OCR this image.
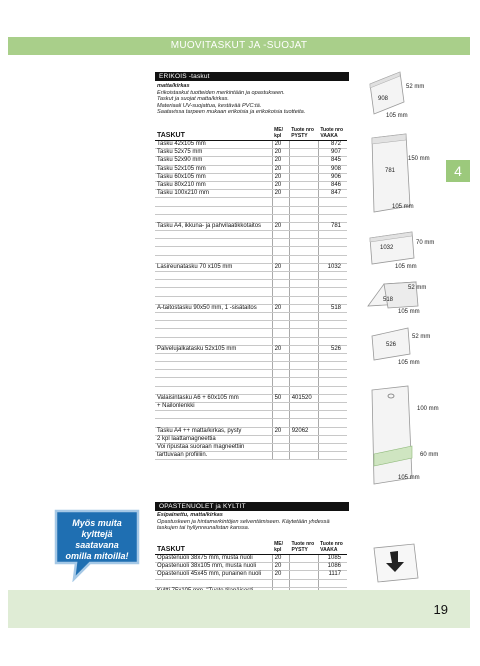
MUOVITASKUT JA -SUOJAT
4
ERIKOIS -taskut
matta/kirkas
Erikoistaskut tuotteiden merkintään ja opastukseen.
Taskut ja suojat matta/kirkas.
Materiaali UV-suojattua, kestävää PVC:tä.
Saatavissa tarpeen mukaan erikoisia ja erikokoisia tuotteita.
TASKUT	ME/ kpl	Tuote nro PYSTY	Tuote nro VAAKA
Tasku 42x105 mm	20		872
Tasku 52x75 mm	20		907
Tasku 52x90 mm	20		845
Tasku 52x105 mm	20		908
Tasku 60x105 mm	20		906
Tasku 80x210 mm	20		846
Tasku 100x210 mm	20		847

Tasku A4, ikkuna- ja pahvilaatikkotaitos	20		781

Lasireunatasku 70 x105 mm	20		1032

A-taitostasku 90x50 mm, 1 -sisätaitos	20		518

Palvelujalkatasku 52x105 mm	20		526

Valaisintasku A6 + 60x105 mm	50	401520	
+ Nailonlenkki			

Tasku A4 ++ matta/kirkas, pysty	20	92062	
2 kpl laattamagneettia			
Voi ripustaa suoraan magneettiin			
tarttuvaan profiiliin.			
OPASTENUOLET ja KYLTIT
Esipainettu, matta/kirkas
Opastuskeen ja hintamerkintöjen selventämiseen. Käytetään yhdessä
taskujen tai hyllynreunalistan kanssa.
TASKUT	ME/ kpl	Tuote nro PYSTY	Tuote nro VAAKA
Opastenuoli 38x75 mm, musta nuoli	20		1085
Opastenuoli 38x105 mm, musta nuoli	20		1086
Opastenuoli 45x45 mm, punainen nuoli	20		1117

908
52 mm
105 mm
781
150 mm
105 mm
1032
70 mm
105 mm
518
52 mm
105 mm
526
52 mm
105 mm
100 mm
60 mm
105 mm
Myös muita
kylttejä
saatavana
omilla mitoilla!
19
